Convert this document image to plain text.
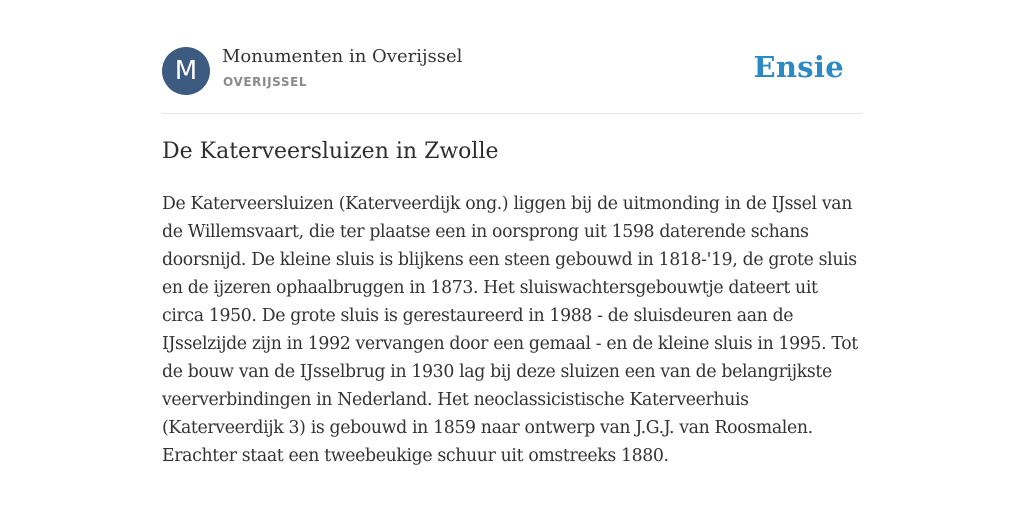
M	Monumenten in Overijssel
OVERIJSSEL	Ensie
De Katerveersluizen in Zwolle

De Katerveersluizen (Katerveerdijk ong.) liggen bij de uitmonding in de IJssel van de Willemsvaart, die ter plaatse een in oorsprong uit 1598 daterende schans doorsnijd. De kleine sluis is blijkens een steen gebouwd in 1818-'19, de grote sluis en de ijzeren ophaalbruggen in 1873. Het sluiswachtersgebouwtje dateert uit circa 1950. De grote sluis is gerestaureerd in 1988 - de sluisdeuren aan de IJsselzijde zijn in 1992 vervangen door een gemaal - en de kleine sluis in 1995. Tot de bouw van de IJsselbrug in 1930 lag bij deze sluizen een van de belangrijkste veerverbindingen in Nederland. Het neoclassicistische Katerveerhuis (Katerveerdijk 3) is gebouwd in 1859 naar ontwerp van J.G.J. van Roosmalen. Erachter staat een tweebeukige schuur uit omstreeks 1880.
